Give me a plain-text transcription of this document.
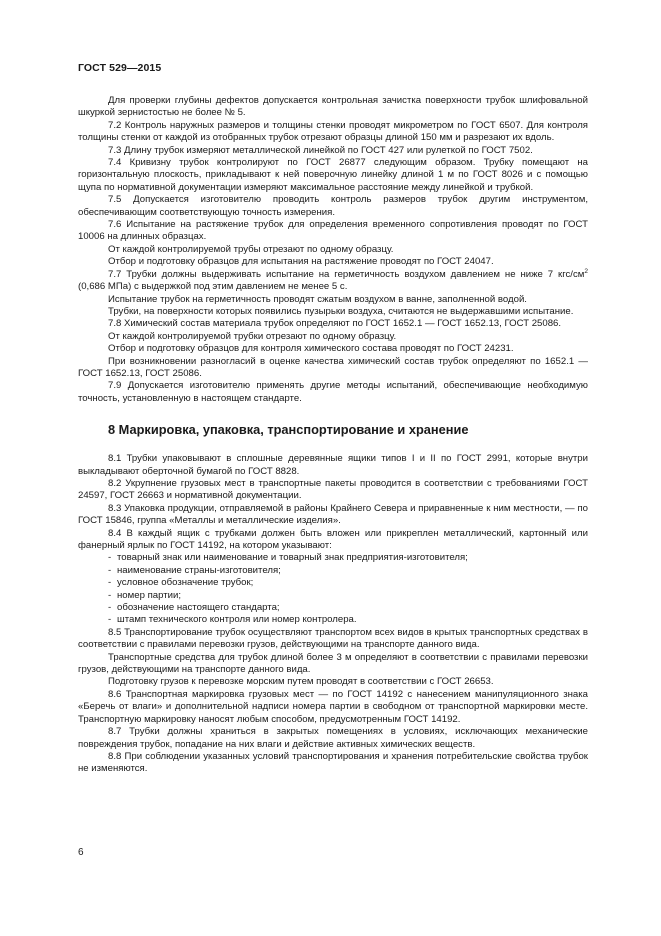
ГОСТ 529—2015

Для проверки глубины дефектов допускается контрольная зачистка поверхности трубок шлифовальной шкуркой зернистостью не более № 5.

7.2 Контроль наружных размеров и толщины стенки проводят микрометром по ГОСТ 6507. Для контроля толщины стенки от каждой из отобранных трубок отрезают образцы длиной 150 мм и разрезают их вдоль.

7.3 Длину трубок измеряют металлической линейкой по ГОСТ 427 или рулеткой по ГОСТ 7502.

7.4 Кривизну трубок контролируют по ГОСТ 26877 следующим образом. Трубку помещают на горизонтальную плоскость, прикладывают к ней поверочную линейку длиной 1 м по ГОСТ 8026 и с помощью щупа по нормативной документации измеряют максимальное расстояние между линейкой и трубкой.

7.5 Допускается изготовителю проводить контроль размеров трубок другим инструментом, обеспечивающим соответствующую точность измерения.

7.6 Испытание на растяжение трубок для определения временного сопротивления проводят по ГОСТ 10006 на длинных образцах.

От каждой контролируемой трубы отрезают по одному образцу.

Отбор и подготовку образцов для испытания на растяжение проводят по ГОСТ 24047.

7.7 Трубки должны выдерживать испытание на герметичность воздухом давлением не ниже 7 кгс/$см^2$ (0,686 МПа) с выдержкой под этим давлением не менее 5 с.

Испытание трубок на герметичность проводят сжатым воздухом в ванне, заполненной водой.

Трубки, на поверхности которых появились пузырьки воздуха, считаются не выдержавшими испытание.

7.8 Химический состав материала трубок определяют по ГОСТ 1652.1 — ГОСТ 1652.13, ГОСТ 25086.

От каждой контролируемой трубки отрезают по одному образцу.

Отбор и подготовку образцов для контроля химического состава проводят по ГОСТ 24231.

При возникновении разногласий в оценке качества химический состав трубок определяют по 1652.1 — ГОСТ 1652.13, ГОСТ 25086.

7.9 Допускается изготовителю применять другие методы испытаний, обеспечивающие необходимую точность, установленную в настоящем стандарте.

8 Маркировка, упаковка, транспортирование и хранение

8.1 Трубки упаковывают в сплошные деревянные ящики типов I и II по ГОСТ 2991, которые внутри выкладывают оберточной бумагой по ГОСТ 8828.

8.2 Укрупнение грузовых мест в транспортные пакеты проводится в соответствии с требованиями ГОСТ 24597, ГОСТ 26663 и нормативной документации.

8.3 Упаковка продукции, отправляемой в районы Крайнего Севера и приравненные к ним местности, — по ГОСТ 15846, группа «Металлы и металлические изделия».

8.4 В каждый ящик с трубками должен быть вложен или прикреплен металлический, картонный или фанерный ярлык по ГОСТ 14192, на котором указывают:

- товарный знак или наименование и товарный знак предприятия-изготовителя;

- наименование страны-изготовителя;

- условное обозначение трубок;

- номер партии;

- обозначение настоящего стандарта;

- штамп технического контроля или номер контролера.

8.5 Транспортирование трубок осуществляют транспортом всех видов в крытых транспортных средствах в соответствии с правилами перевозки грузов, действующими на транспорте данного вида.

Транспортные средства для трубок длиной более 3 м определяют в соответствии с правилами перевозки грузов, действующими на транспорте данного вида.

Подготовку грузов к перевозке морским путем проводят в соответствии с ГОСТ 26653.

8.6 Транспортная маркировка грузовых мест — по ГОСТ 14192 с нанесением манипуляционного знака «Беречь от влаги» и дополнительной надписи номера партии в свободном от транспортной маркировки месте. Транспортную маркировку наносят любым способом, предусмотренным ГОСТ 14192.

8.7 Трубки должны храниться в закрытых помещениях в условиях, исключающих механические повреждения трубок, попадание на них влаги и действие активных химических веществ.

8.8 При соблюдении указанных условий транспортирования и хранения потребительские свойства трубок не изменяются.

6
